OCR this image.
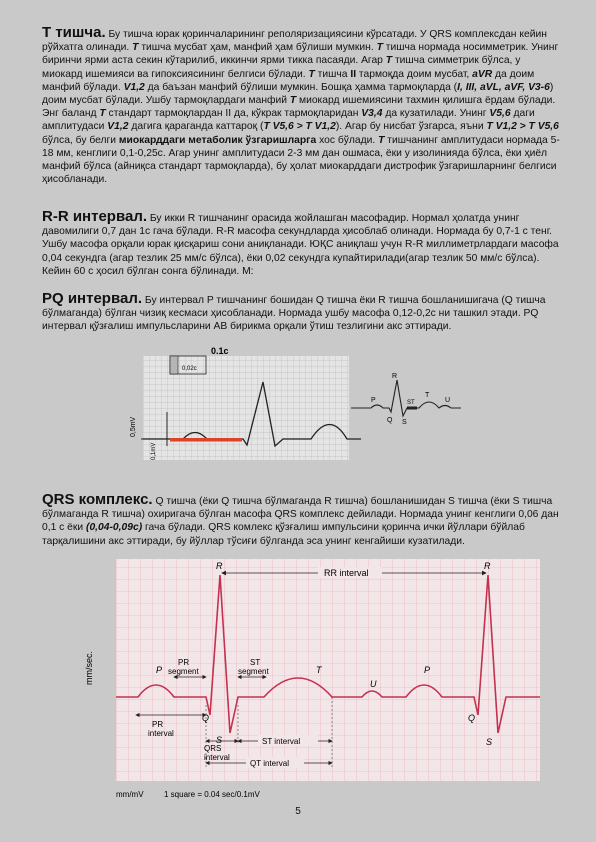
T тишча. Бу тишча юрак қоринчаларининг реполяризациясини кўрсатади. У QRS комплексдан кейин рўйхатга олинади. T тишча мусбат ҳам, манфий ҳам бўлиши мумкин. T тишча нормада носимметрик. Унинг биринчи ярми аста секин кўтарилиб, иккинчи ярми тикка пасаяди. Агар T тишча симметрик бўлса, у миокард ишемияси ва гипоксиясининг белгиси бўлади. T тишча II тармоқда доим мусбат, aVR да доим манфий бўлади. V1,2 да баъзан манфий бўлиши мумкин. Бошқа ҳамма тармоқларда (I, III, aVL, aVF, V3-6) доим мусбат бўлади. Ушбу тармоқлардаги манфий T миокард ишемиясини тахмин қилишга ёрдам бўлади. Энг баланд T стандарт тармоқлардан II да, кўкрак тармоқларидан V3,4 да кузатилади. Унинг V5,6 даги амплитудаси V1,2 дагига қараганда каттароқ (T V5,6 > T V1,2). Агар бу нисбат ўзгарса, яъни T V1,2 > T V5,6 бўлса, бу белги миокарддаги метаболик ўзгаришларга хос бўлади. T тишчанинг амплитудаси нормада 5-18 мм, кенглиги 0,1-0,25с. Агар унинг амплитудаси 2-3 мм дан ошмаса, ёки у изолинияда бўлса, ёки ҳиёл манфий бўлса (айниқса стандарт тармоқларда), бу ҳолат миокарддаги дистрофик ўзгаришларнинг белгиси ҳисобланади.
R-R интервал. Бу икки R тишчанинг орасида жойлашган масофадир. Нормал ҳолатда унинг давомилиги 0,7 дан 1с гача бўлади. R-R масофа секундларда ҳисоблаб олинади. Нормада бу 0,7-1 с тенг. Ушбу масофа орқали юрак қисқариш сони аниқланади. ЮҚС аниқлаш учун R-R миллиметрлардаги масофа 0,04 секундга (агар тезлик 25 мм/с бўлса), ёки 0,02 секундга купайтирилади(агар тезлик 50 мм/с бўлса). Кейин 60 с ҳосил бўлган сонга бўлинади. М:
PQ интервал. Бу интервал P тишчанинг бошидан Q тишча ёки R тишча бошланишигача (Q тишча бўлмаганда) бўлган чизиқ кесмаси ҳисобланади. Нормада ушбу масофа 0,12-0,2с ни ташкил этади. PQ интервал қўзғалиш импульсларини AB бирикма орқали ўтиш тезлигини акс эттиради.
0.1c
0,02c
0,5mV
0,1mV
P
Q
R
S
ST
T
U
QRS комплекс. Q тишча (ёки Q тишча бўлмаганда R тишча) бошланишидан S тишча (ёки S тишча бўлмаганда R тишча) охиригача бўлган масофа QRS комплекс дейилади. Нормада унинг кенглиги 0,06 дан 0,1 с ёки (0,04-0,09с) гача бўлади. QRS комлекс қўзғалиш импульсини қоринча ички йўллари бўйлаб тарқалишини акс эттиради, бу йўллар тўсиғи бўлганда эса унинг кенгайиши кузатилади.
mm/sec.
R	R
P	P
Q	Q
S	S
T
U
RR interval
PR
segment
ST
segment
PR
interval
QRS
interval
ST interval
QT interval
mm/mV	1 square = 0.04 sec/0.1mV
5
